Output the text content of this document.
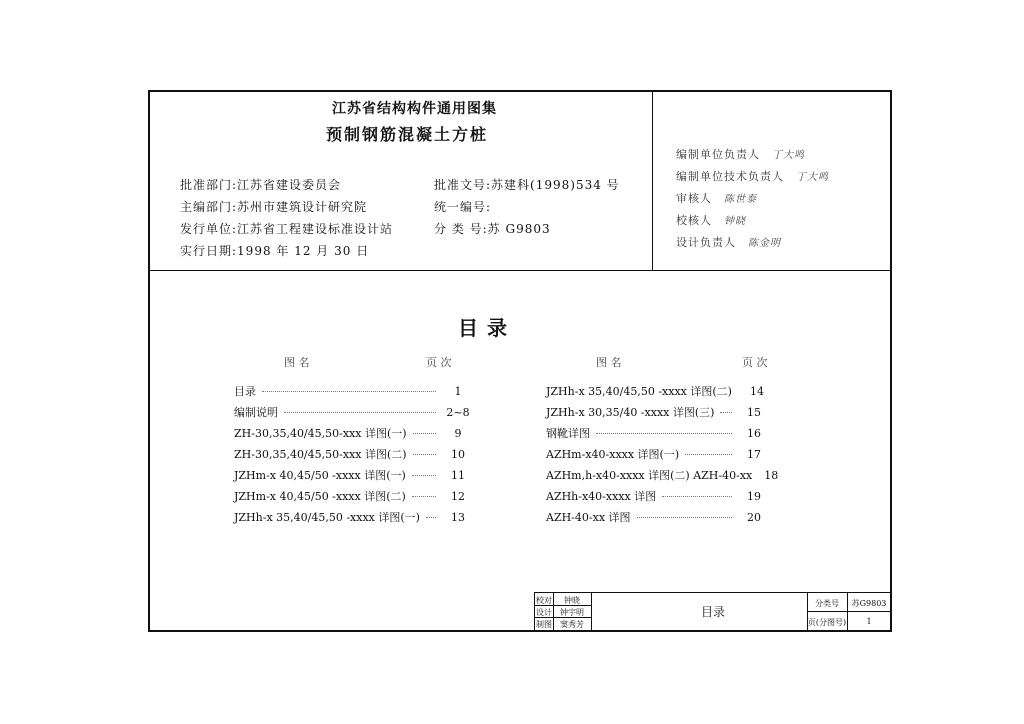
江苏省结构构件通用图集
预制钢筋混凝土方桩
批准部门:江苏省建设委员会
主编部门:苏州市建筑设计研究院
发行单位:江苏省工程建设标准设计站
实行日期:1998 年 12 月 30 日
批准文号:苏建科(1998)534 号
统一编号:
分 类 号:苏 G9803
编制单位负责人 丁大鸣
编制单位技术负责人 丁大鸣
审核人 陈世泰
校核人 钟晓
设计负责人 陈金明
目 录
图 名	页 次	图 名	页 次
目录	1
编制说明	2~8
ZH-30,35,40/45,50-xxx 详图(一)	9
ZH-30,35,40/45,50-xxx 详图(二)	10
JZHm-x 40,45/50 -xxxx 详图(一)	11
JZHm-x 40,45/50 -xxxx 详图(二)	12
JZHh-x 35,40/45,50 -xxxx 详图(一)	13
JZHh-x 35,40/45,50 -xxxx 详图(二)	14
JZHh-x 30,35/40 -xxxx 详图(三)	15
钢靴详图	16
AZHm-x40-xxxx 详图(一)	17
AZHm,h-x40-xxxx 详图(二) AZH-40-xx 18
AZHh-x40-xxxx 详图	19
AZH-40-xx 详图	20
校对	钟晓
设计	钟宇明
制图	窦秀芳
目录
分类号	苏G9803
页(分图号)	1
